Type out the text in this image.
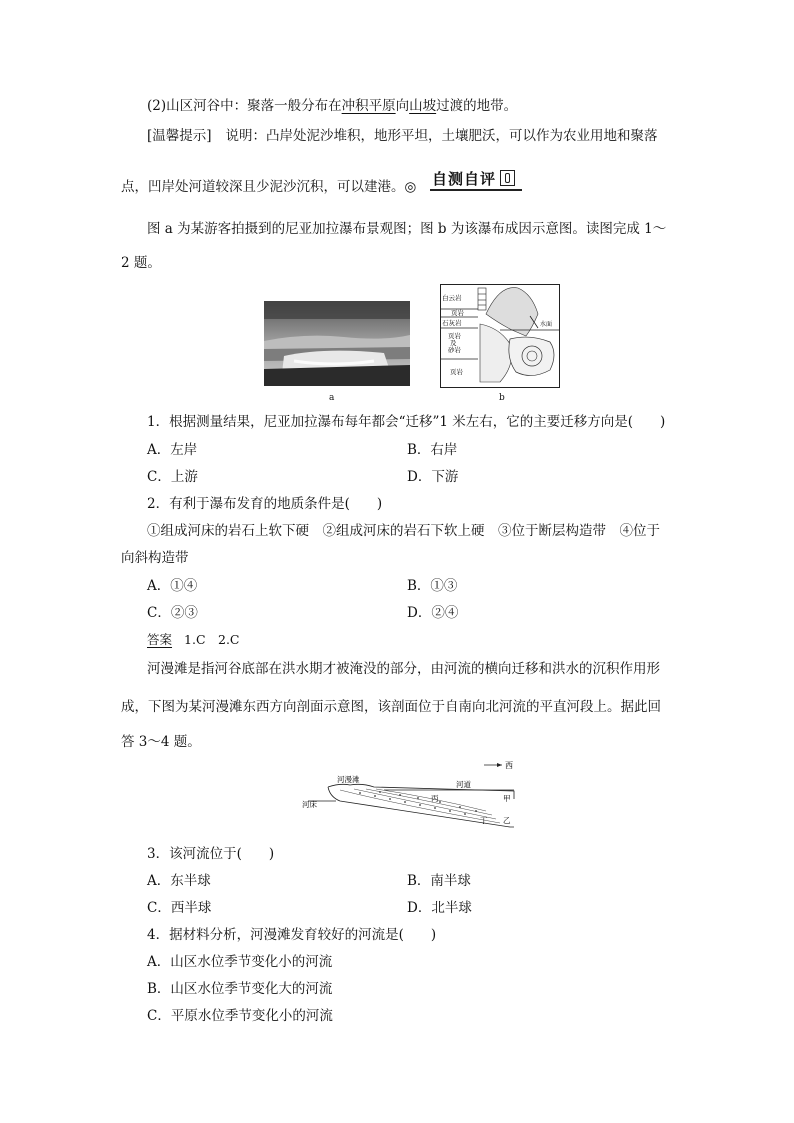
(2)山区河谷中：聚落一般分布在冲积平原向山坡过渡的地带。
[温馨提示] 说明：凸岸处泥沙堆积，地形平坦，土壤肥沃，可以作为农业用地和聚落
点，凹岸处河道较深且少泥沙沉积，可以建港。◎ 自测自评
图 a 为某游客拍摄到的尼亚加拉瀑布景观图；图 b 为该瀑布成因示意图。读图完成 1～
2 题。
a
白云岩
页岩
石灰岩
页岩
及
砂岩
页岩
水面
b
1．根据测量结果，尼亚加拉瀑布每年都会“迁移”1 米左右，它的主要迁移方向是(　　)
A．左岸	B．右岸
C．上游	D．下游
2．有利于瀑布发育的地质条件是(　　)
①组成河床的岩石上软下硬　②组成河床的岩石下软上硬　③位于断层构造带　④位于
向斜构造带
A．①④	B．①③
C．②③	D．②④
答案 1.C　2.C
河漫滩是指河谷底部在洪水期才被淹没的部分，由河流的横向迁移和洪水的沉积作用形
成，下图为某河漫滩东西方向剖面示意图，该剖面位于自南向北河流的平直河段上。据此回
答 3～4 题。
西
河漫滩
河道
河床
丙	甲
丁 乙
3．该河流位于(　　)
A．东半球	B．南半球
C．西半球	D．北半球
4．据材料分析，河漫滩发育较好的河流是(　　)
A．山区水位季节变化小的河流
B．山区水位季节变化大的河流
C．平原水位季节变化小的河流
